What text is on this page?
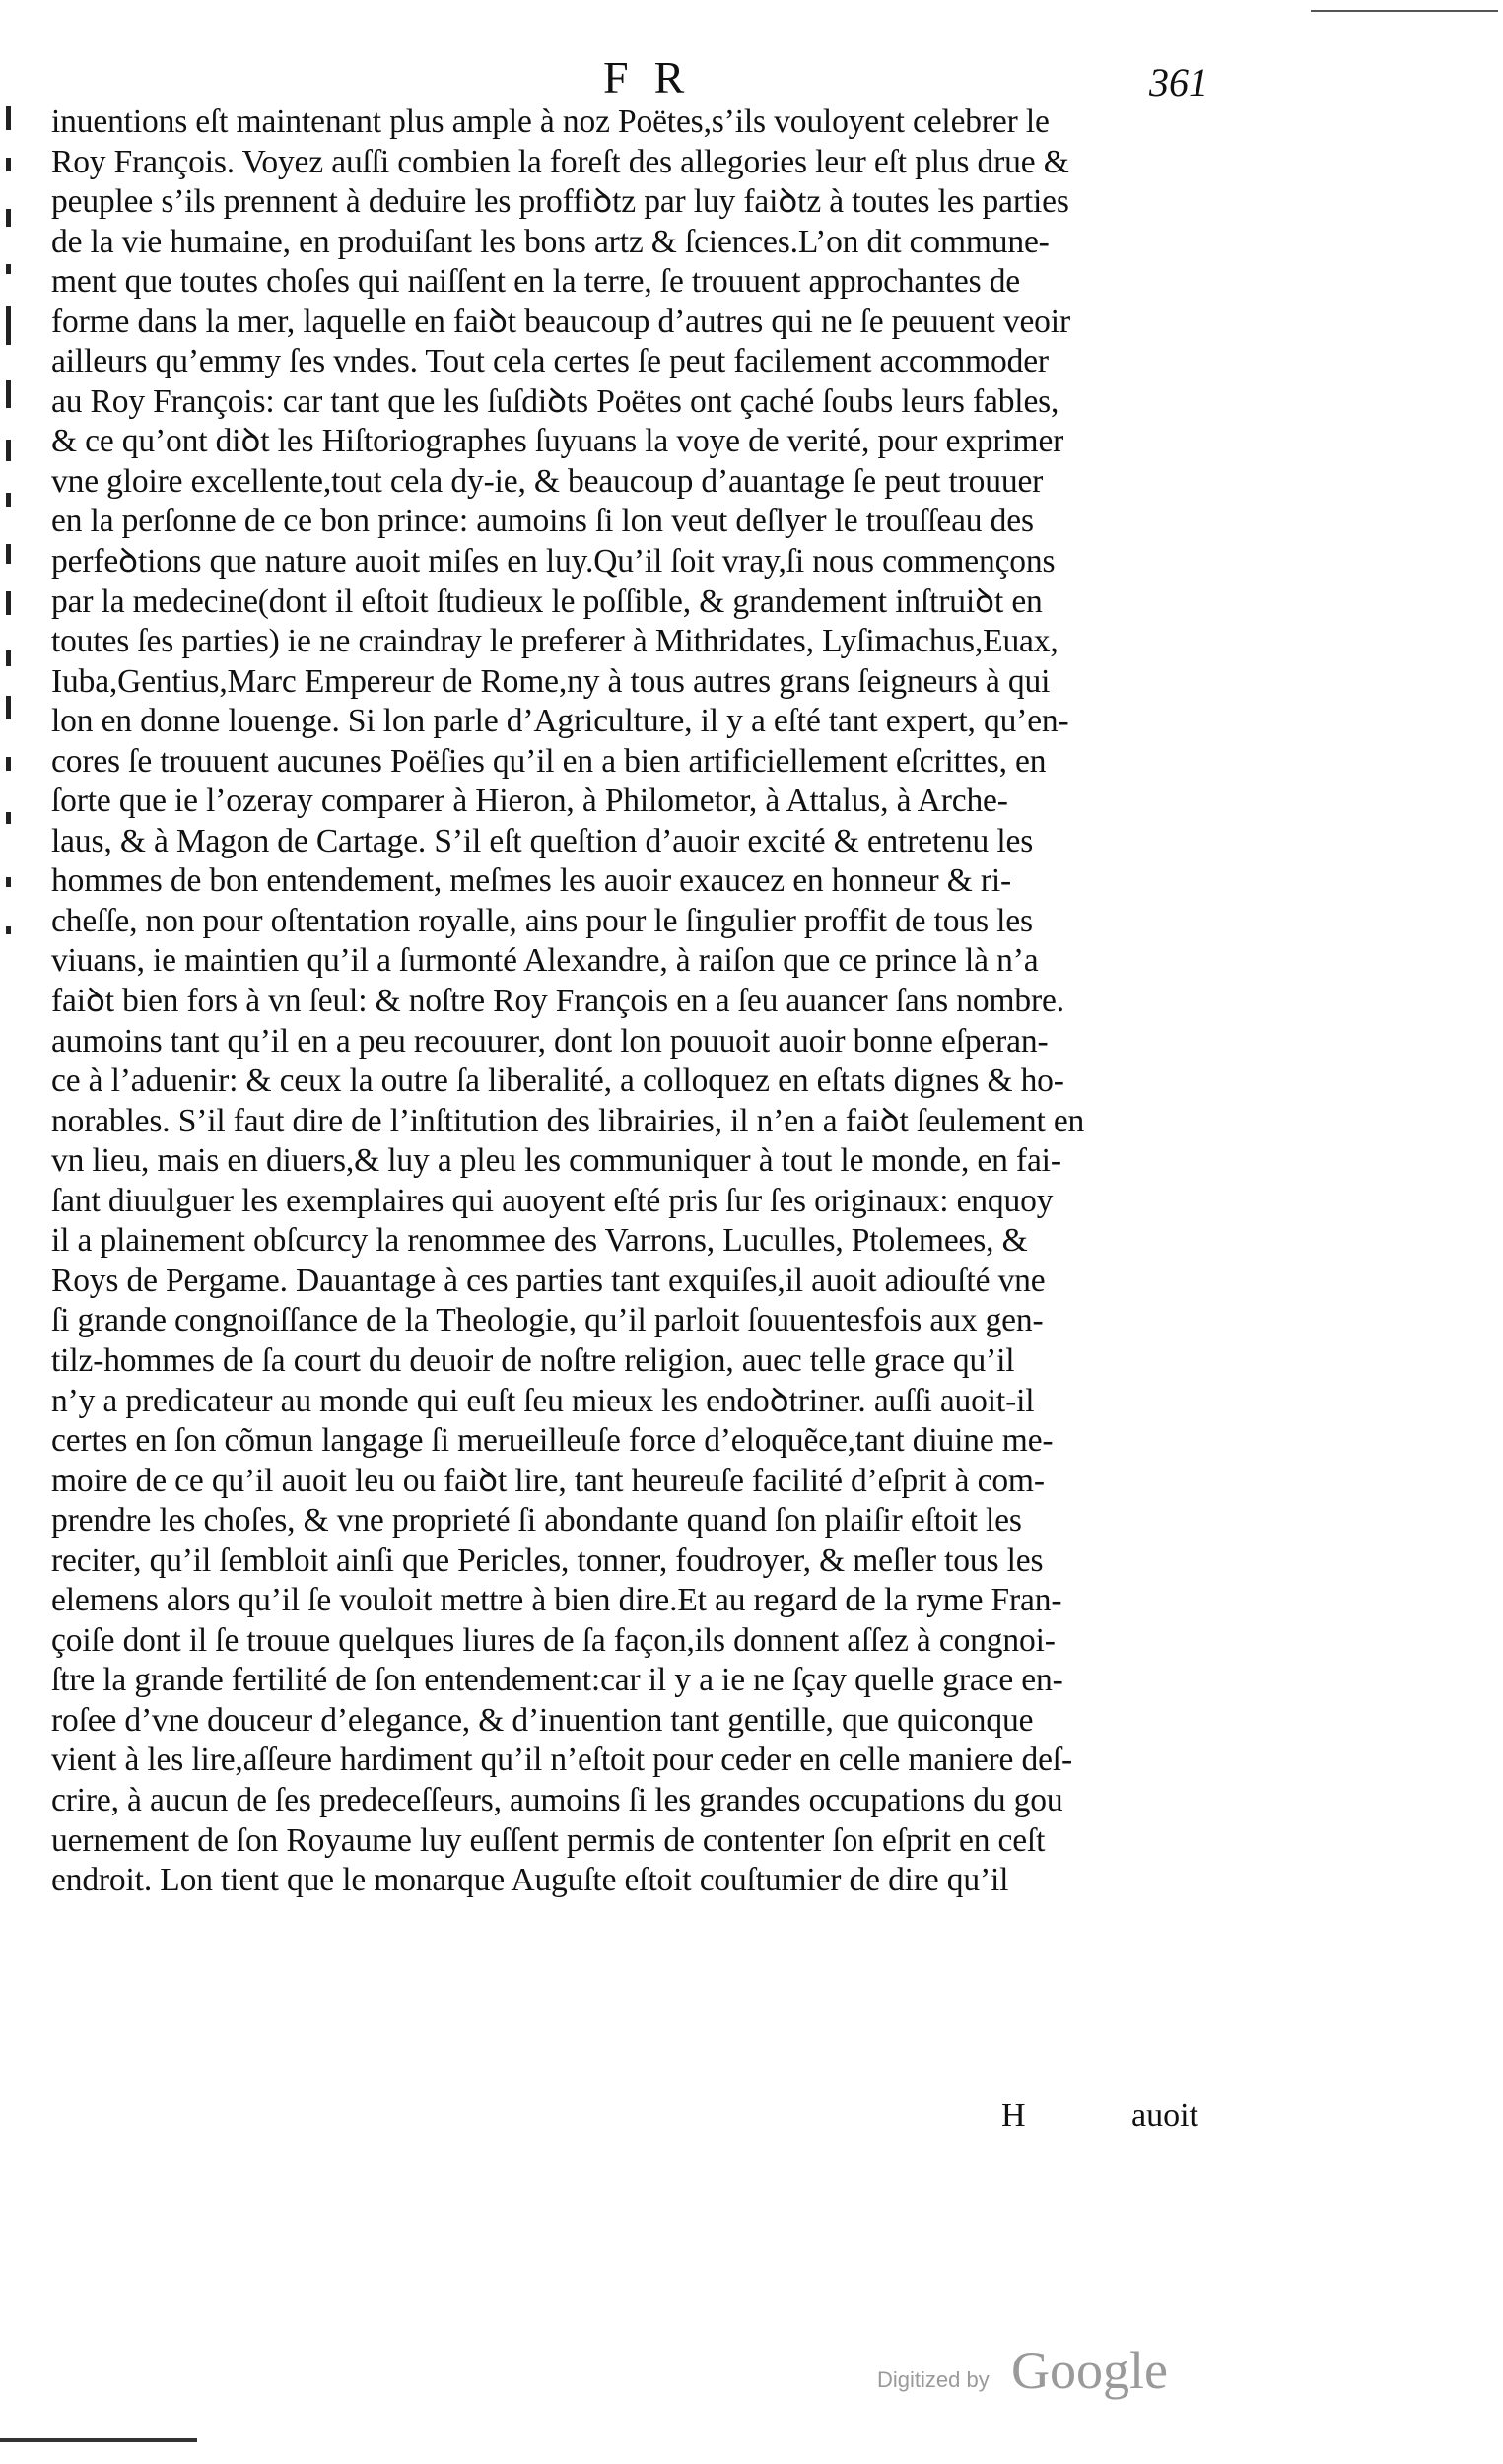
FR	361
inuentions eſt maintenant plus ample à noz Poëtes,s’ils vouloyent celebrer le
Roy François. Voyez auſſi combien la foreſt des allegories leur eſt plus drue &
peuplee s’ils prennent à deduire les proffiꝺtz par luy faiꝺtz à toutes les parties
de la vie humaine, en produiſant les bons artz & ſciences.L’on dit commune-
ment que toutes choſes qui naiſſent en la terre, ſe trouuent approchantes de
forme dans la mer, laquelle en faiꝺt beaucoup d’autres qui ne ſe peuuent veoir
ailleurs qu’emmy ſes vndes. Tout cela certes ſe peut facilement accommoder
au Roy François: car tant que les ſuſdiꝺts Poëtes ont çaché ſoubs leurs fables,
& ce qu’ont diꝺt les Hiſtoriographes ſuyuans la voye de verité, pour exprimer
vne gloire excellente,tout cela dy-ie, & beaucoup d’auantage ſe peut trouuer
en la perſonne de ce bon prince: aumoins ſi lon veut deſlyer le trouſſeau des
perfeꝺtions que nature auoit miſes en luy.Qu’il ſoit vray,ſi nous commençons
par la medecine(dont il eſtoit ſtudieux le poſſible, & grandement inſtruiꝺt en
toutes ſes parties) ie ne craindray le preferer à Mithridates, Lyſimachus,Euax,
Iuba,Gentius,Marc Empereur de Rome,ny à tous autres grans ſeigneurs à qui
lon en donne louenge. Si lon parle d’Agriculture, il y a eſté tant expert, qu’en-
cores ſe trouuent aucunes Poëſies qu’il en a bien artificiellement eſcrittes, en
ſorte que ie l’ozeray comparer à Hieron, à Philometor, à Attalus, à Arche-
laus, & à Magon de Cartage. S’il eſt queſtion d’auoir excité & entretenu les
hommes de bon entendement, meſmes les auoir exaucez en honneur & ri-
cheſſe, non pour oſtentation royalle, ains pour le ſingulier proffit de tous les
viuans, ie maintien qu’il a ſurmonté Alexandre, à raiſon que ce prince là n’a
faiꝺt bien fors à vn ſeul: & noſtre Roy François en a ſeu auancer ſans nombre.
aumoins tant qu’il en a peu recouurer, dont lon pouuoit auoir bonne eſperan-
ce à l’aduenir: & ceux la outre ſa liberalité, a colloquez en eſtats dignes & ho-
norables. S’il faut dire de l’inſtitution des librairies, il n’en a faiꝺt ſeulement en
vn lieu, mais en diuers,& luy a pleu les communiquer à tout le monde, en fai-
ſant diuulguer les exemplaires qui auoyent eſté pris ſur ſes originaux: enquoy
il a plainement obſcurcy la renommee des Varrons, Luculles, Ptolemees, &
Roys de Pergame. Dauantage à ces parties tant exquiſes,il auoit adiouſté vne
ſi grande congnoiſſance de la Theologie, qu’il parloit ſouuentesfois aux gen-
tilz-hommes de ſa court du deuoir de noſtre religion, auec telle grace qu’il
n’y a predicateur au monde qui euſt ſeu mieux les endoꝺtriner. auſſi auoit-il
certes en ſon cõmun langage ſi merueilleuſe force d’eloquẽce,tant diuine me-
moire de ce qu’il auoit leu ou faiꝺt lire, tant heureuſe facilité d’eſprit à com-
prendre les choſes, & vne proprieté ſi abondante quand ſon plaiſir eſtoit les
reciter, qu’il ſembloit ainſi que Pericles, tonner, foudroyer, & meſler tous les
elemens alors qu’il ſe vouloit mettre à bien dire.Et au regard de la ryme Fran-
çoiſe dont il ſe trouue quelques liures de ſa façon,ils donnent aſſez à congnoi-
ſtre la grande fertilité de ſon entendement:car il y a ie ne ſçay quelle grace en-
roſee d’vne douceur d’elegance, & d’inuention tant gentille, que quiconque
vient à les lire,aſſeure hardiment qu’il n’eſtoit pour ceder en celle maniere deſ-
crire, à aucun de ſes predeceſſeurs, aumoins ſi les grandes occupations du gou
uernement de ſon Royaume luy euſſent permis de contenter ſon eſprit en ceſt
endroit. Lon tient que le monarque Auguſte eſtoit couſtumier de dire qu’il
H	auoit
Digitized by Google
